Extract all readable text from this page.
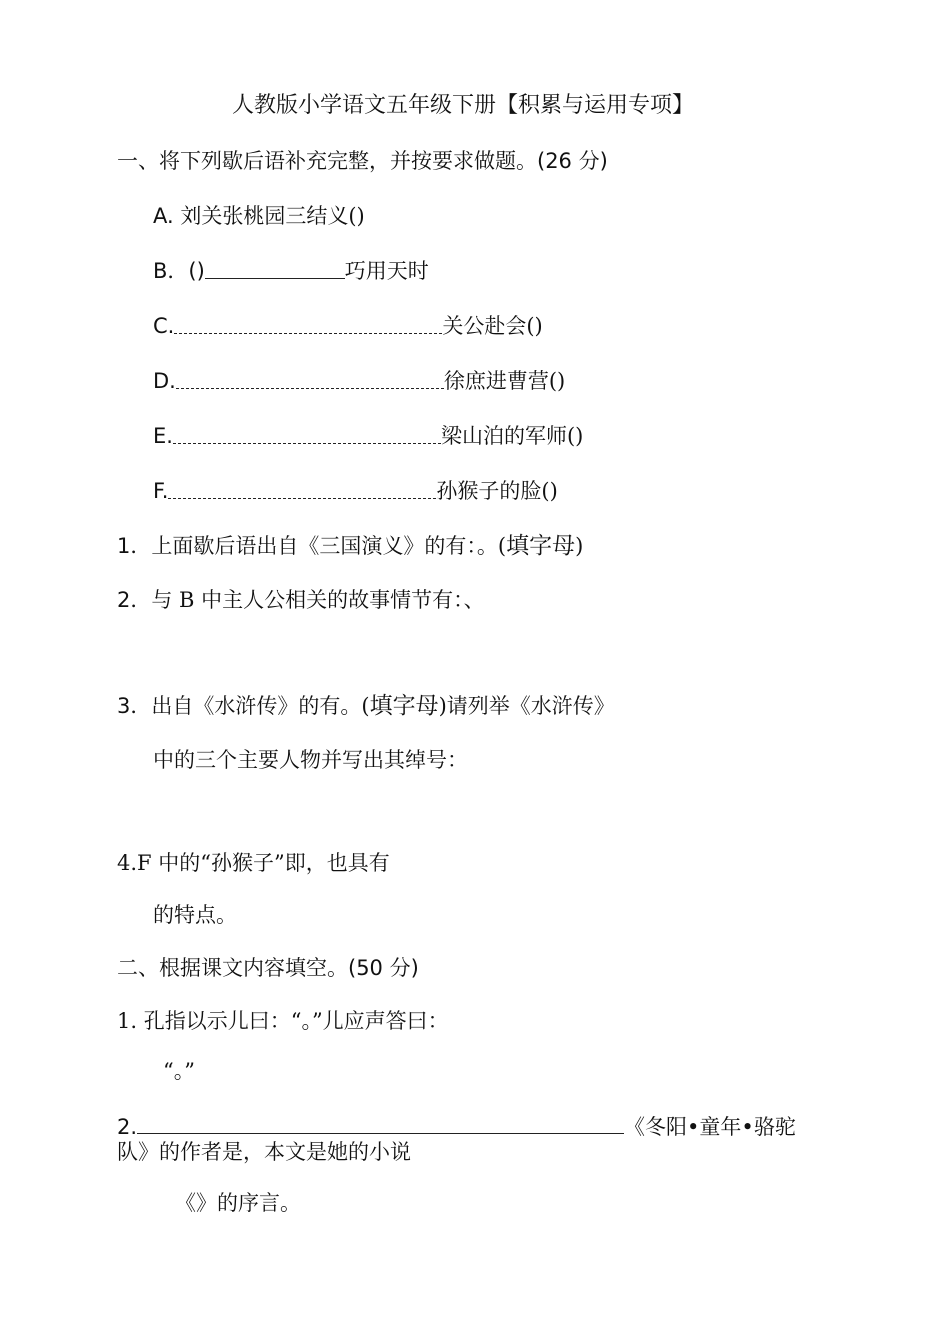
人教版小学语文五年级下册【积累与运用专项】
一、将下列歇后语补充完整，并按要求做题。(26 分)
A. 刘关张桃园三结义()
B．()	巧用天时
C.	关公赴会()
D.	徐庶进曹营()
E.	梁山泊的军师()
F.	孙猴子的脸()
1．上面歇后语出自《三国演义》的有：。(填字母)
2．与 B 中主人公相关的故事情节有：、
3．出自《水浒传》的有。(填字母)请列举《水浒传》
中的三个主要人物并写出其绰号：
4.F 中的“孙猴子”即，也具有
的特点。
二、根据课文内容填空。(50 分)
1. 孔指以示儿曰：“。”儿应声答曰：
“。”
2.	《冬阳•童年•骆驼
队》的作者是，本文是她的小说
《》的序言。
